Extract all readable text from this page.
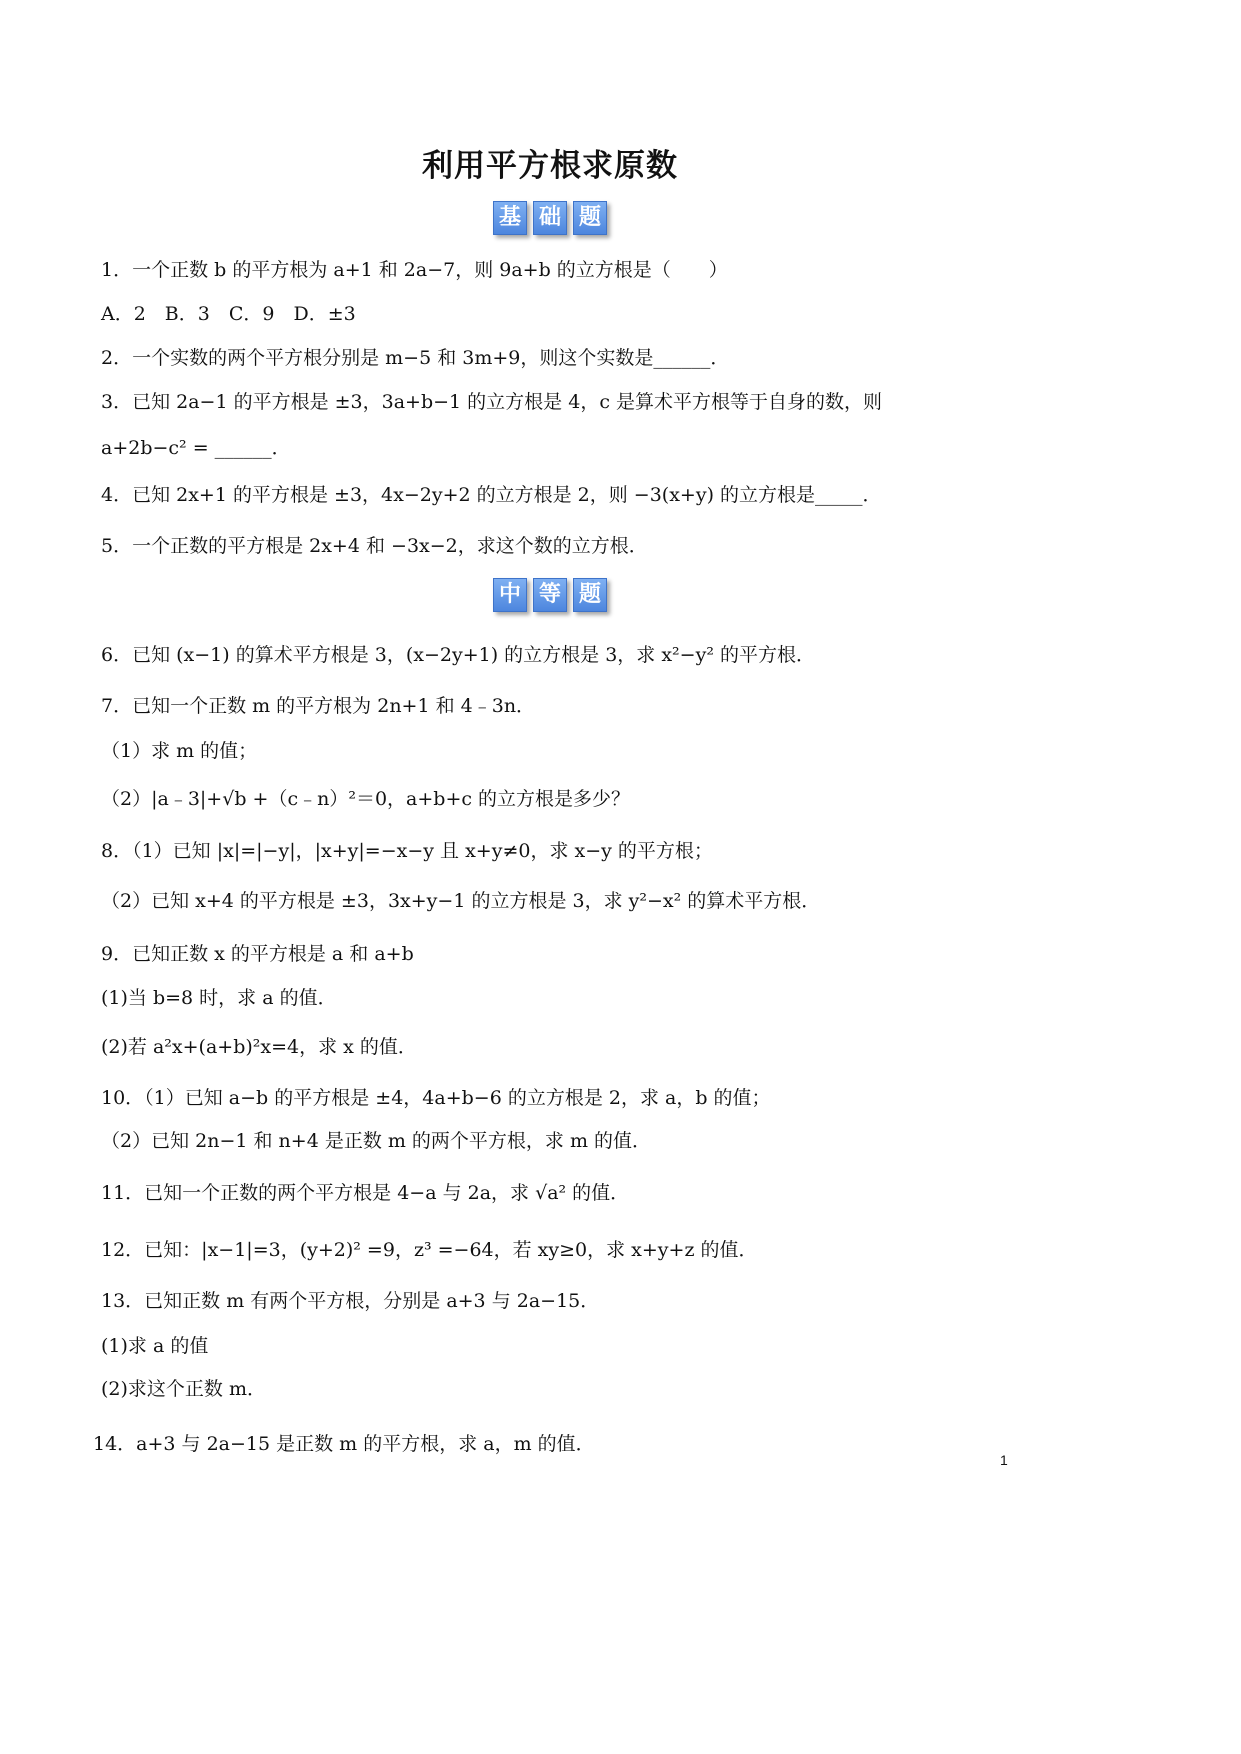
利用平方根求原数
基 础 题
1．一个正数 b 的平方根为 a+1 和 2a−7，则 9a+b 的立方根是（　　）
A．2　B．3　C．9　D．±3
2．一个实数的两个平方根分别是 m−5 和 3m+9，则这个实数是______．
3．已知 2a−1 的平方根是 ±3，3a+b−1 的立方根是 4，c 是算术平方根等于自身的数，则
a+2b−c² = ______．
4．已知 2x+1 的平方根是 ±3，4x−2y+2 的立方根是 2，则 −3(x+y) 的立方根是_____．
5．一个正数的平方根是 2x+4 和 −3x−2，求这个数的立方根．
中 等 题
6．已知 (x−1) 的算术平方根是 3，(x−2y+1) 的立方根是 3，求 x²−y² 的平方根．
7．已知一个正数 m 的平方根为 2n+1 和 4﹣3n．
（1）求 m 的值；
（2）|a﹣3|+√b +（c﹣n）²＝0，a+b+c 的立方根是多少？
8．（1）已知 |x|=|−y|，|x+y|=−x−y 且 x+y≠0，求 x−y 的平方根；
（2）已知 x+4 的平方根是 ±3，3x+y−1 的立方根是 3，求 y²−x² 的算术平方根．
9．已知正数 x 的平方根是 a 和 a+b
(1)当 b=8 时，求 a 的值．
(2)若 a²x+(a+b)²x=4，求 x 的值．
10．（1）已知 a−b 的平方根是 ±4，4a+b−6 的立方根是 2，求 a，b 的值；
（2）已知 2n−1 和 n+4 是正数 m 的两个平方根，求 m 的值．
11．已知一个正数的两个平方根是 4−a 与 2a，求 √a² 的值．
12．已知：|x−1|=3，(y+2)² =9，z³ =−64，若 xy≥0，求 x+y+z 的值．
13．已知正数 m 有两个平方根，分别是 a+3 与 2a−15．
(1)求 a 的值
(2)求这个正数 m．
14．a+3 与 2a−15 是正数 m 的平方根，求 a，m 的值．
1
